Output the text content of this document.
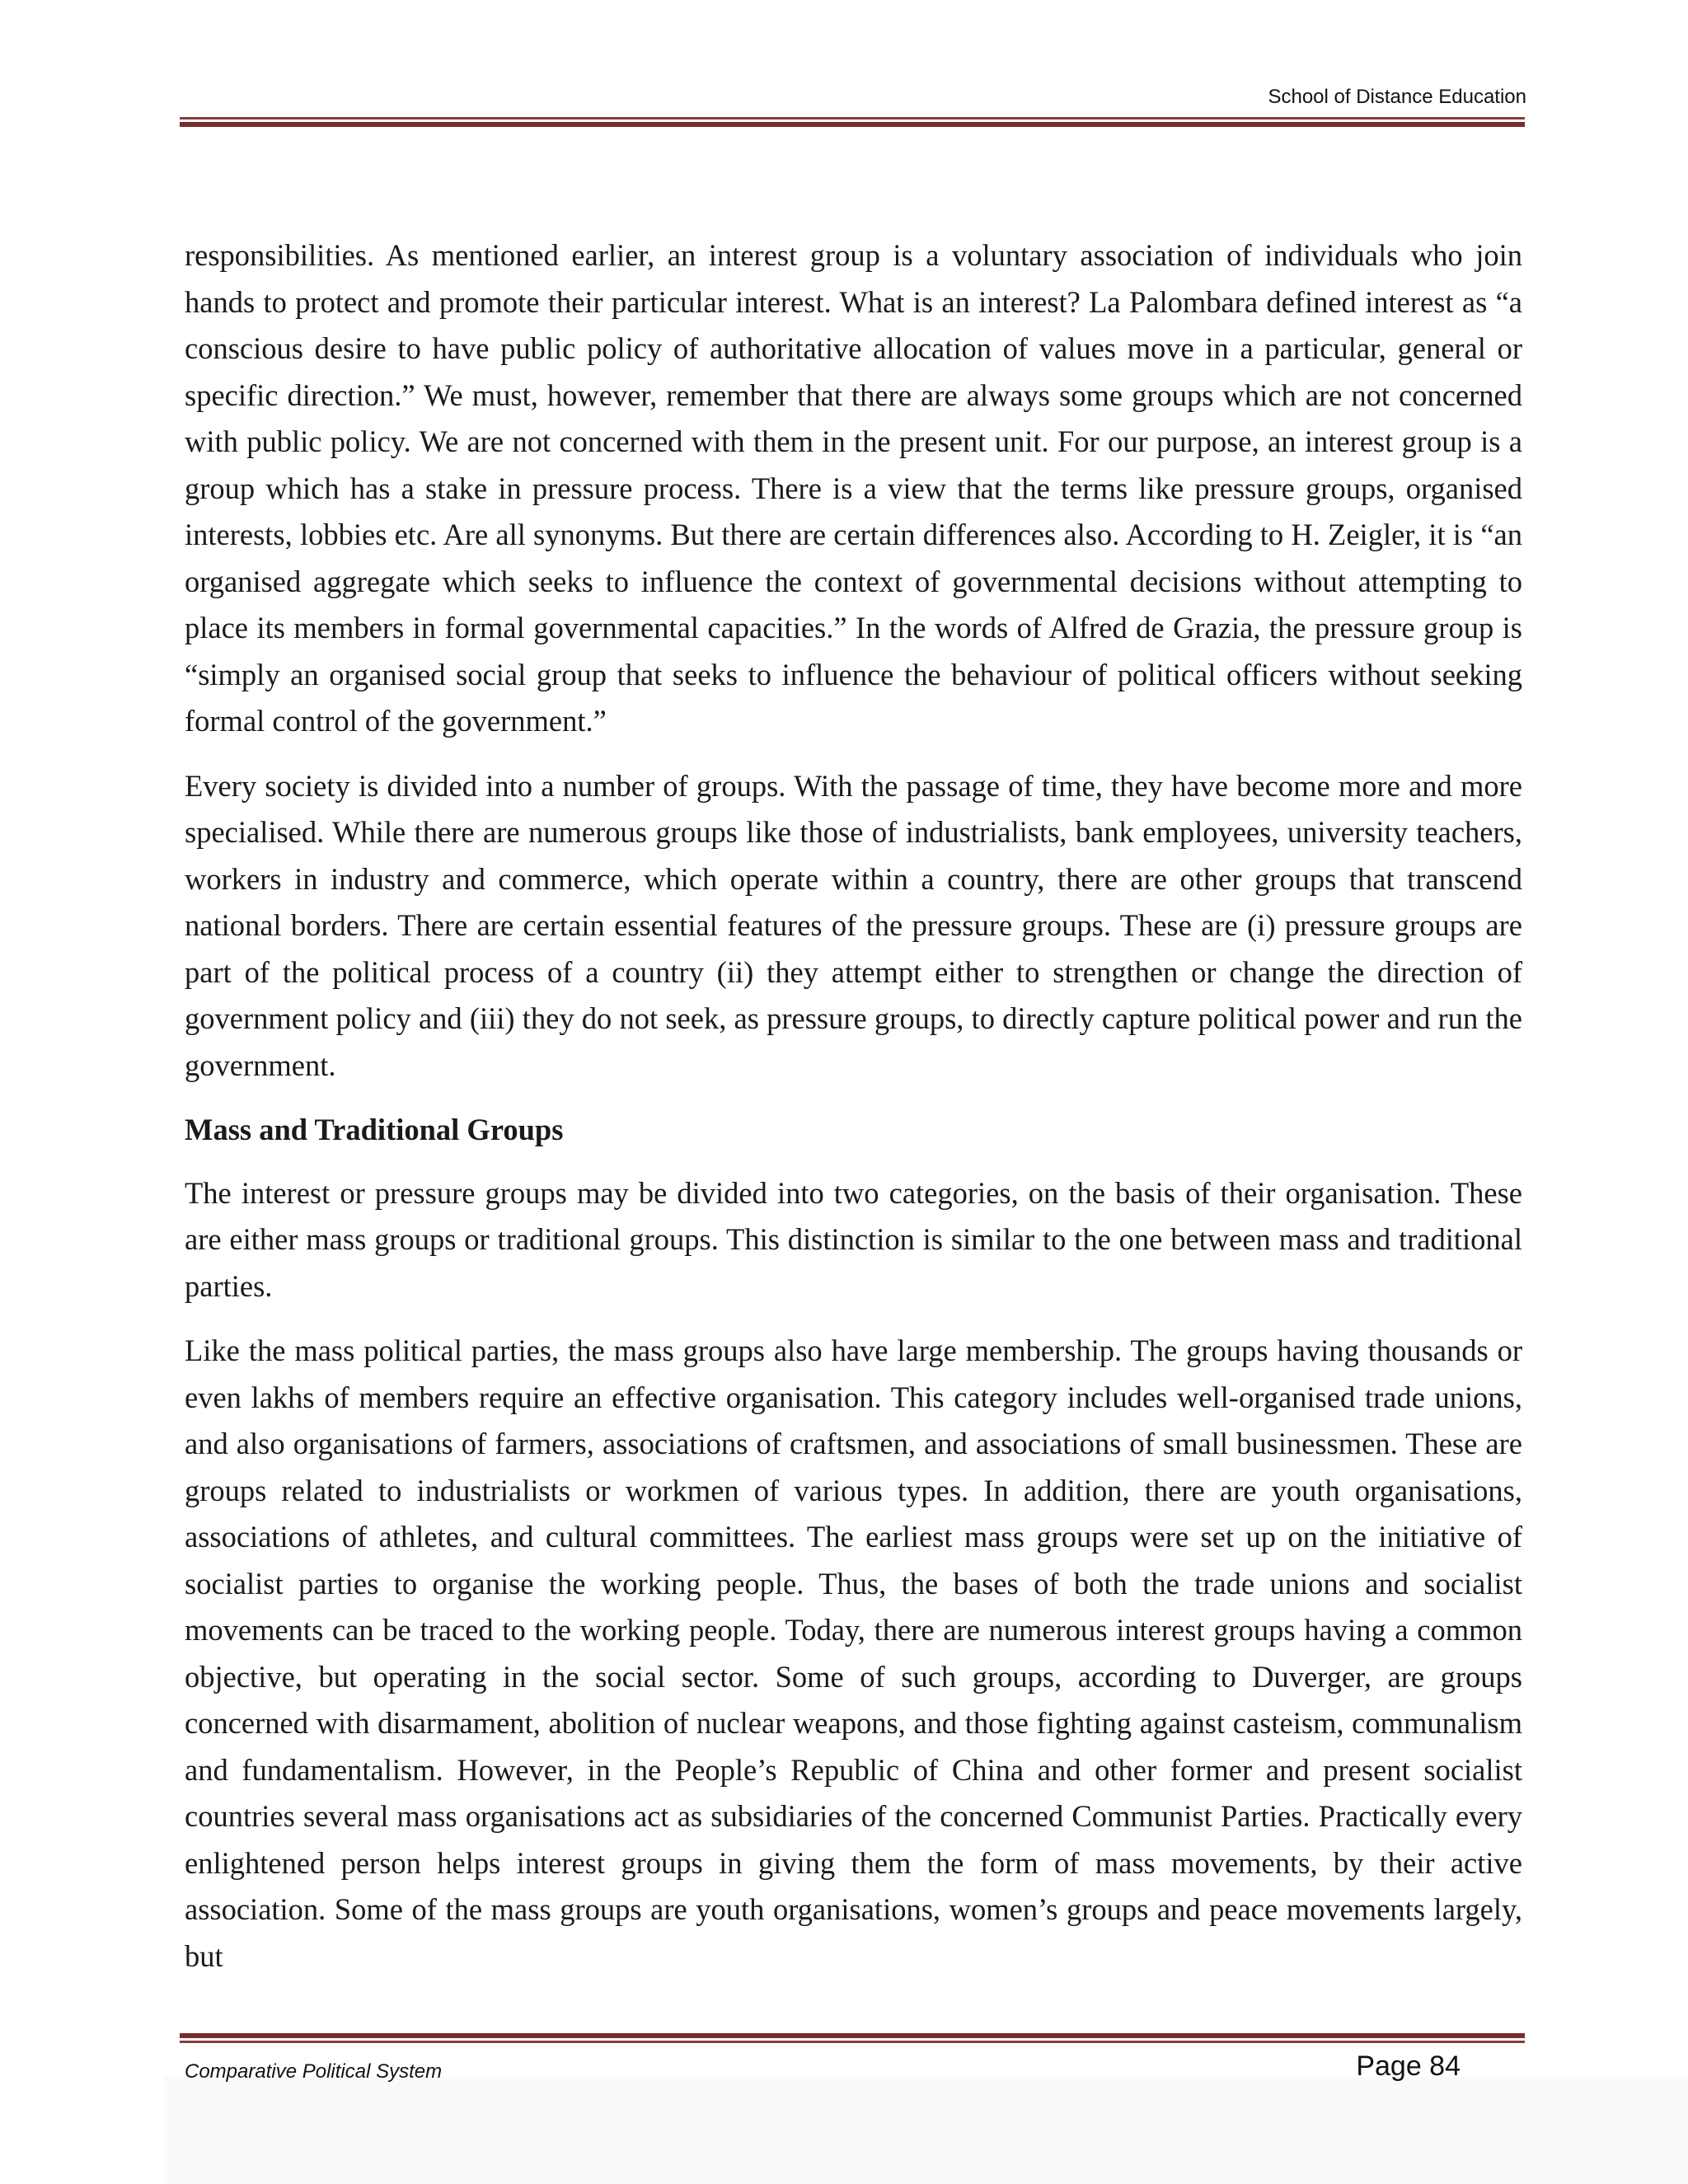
School of Distance Education

responsibilities. As mentioned earlier, an interest group is a voluntary association of individuals who join hands to protect and promote their particular interest. What is an interest? La Palombara defined interest as “a conscious desire to have public policy of authoritative allocation of values move in a particular, general or specific direction.” We must, however, remember that there are always some groups which are not concerned with public policy. We are not concerned with them in the present unit. For our purpose, an interest group is a group which has a stake in pressure process. There is a view that the terms like pressure groups, organised interests, lobbies etc. Are all synonyms. But there are certain differences also. According to H. Zeigler, it is “an organised aggregate which seeks to influence the context of governmental decisions without attempting to place its members in formal governmental capacities.” In the words of Alfred de Grazia, the pressure group is “simply an organised social group that seeks to influence the behaviour of political officers without seeking formal control of the government.”

Every society is divided into a number of groups. With the passage of time, they have become more and more specialised. While there are numerous groups like those of industrialists, bank employees, university teachers, workers in industry and commerce, which operate within a country, there are other groups that transcend national borders. There are certain essential features of the pressure groups. These are (i) pressure groups are part of the political process of a country (ii) they attempt either to strengthen or change the direction of government policy and (iii) they do not seek, as pressure groups, to directly capture political power and run the government.

Mass and Traditional Groups

The interest or pressure groups may be divided into two categories, on the basis of their organisation. These are either mass groups or traditional groups. This distinction is similar to the one between mass and traditional parties.

Like the mass political parties, the mass groups also have large membership. The groups having thousands or even lakhs of members require an effective organisation. This category includes well-organised trade unions, and also organisations of farmers, associations of craftsmen, and associations of small businessmen. These are groups related to industrialists or workmen of various types. In addition, there are youth organisations, associations of athletes, and cultural committees. The earliest mass groups were set up on the initiative of socialist parties to organise the working people. Thus, the bases of both the trade unions and socialist movements can be traced to the working people. Today, there are numerous interest groups having a common objective, but operating in the social sector. Some of such groups, according to Duverger, are groups concerned with disarmament, abolition of nuclear weapons, and those fighting against casteism, communalism and fundamentalism. However, in the People’s Republic of China and other former and present socialist countries several mass organisations act as subsidiaries of the concerned Communist Parties. Practically every enlightened person helps interest groups in giving them the form of mass movements, by their active association. Some of the mass groups are youth organisations, women’s groups and peace movements largely, but

Comparative Political System	Page 84
